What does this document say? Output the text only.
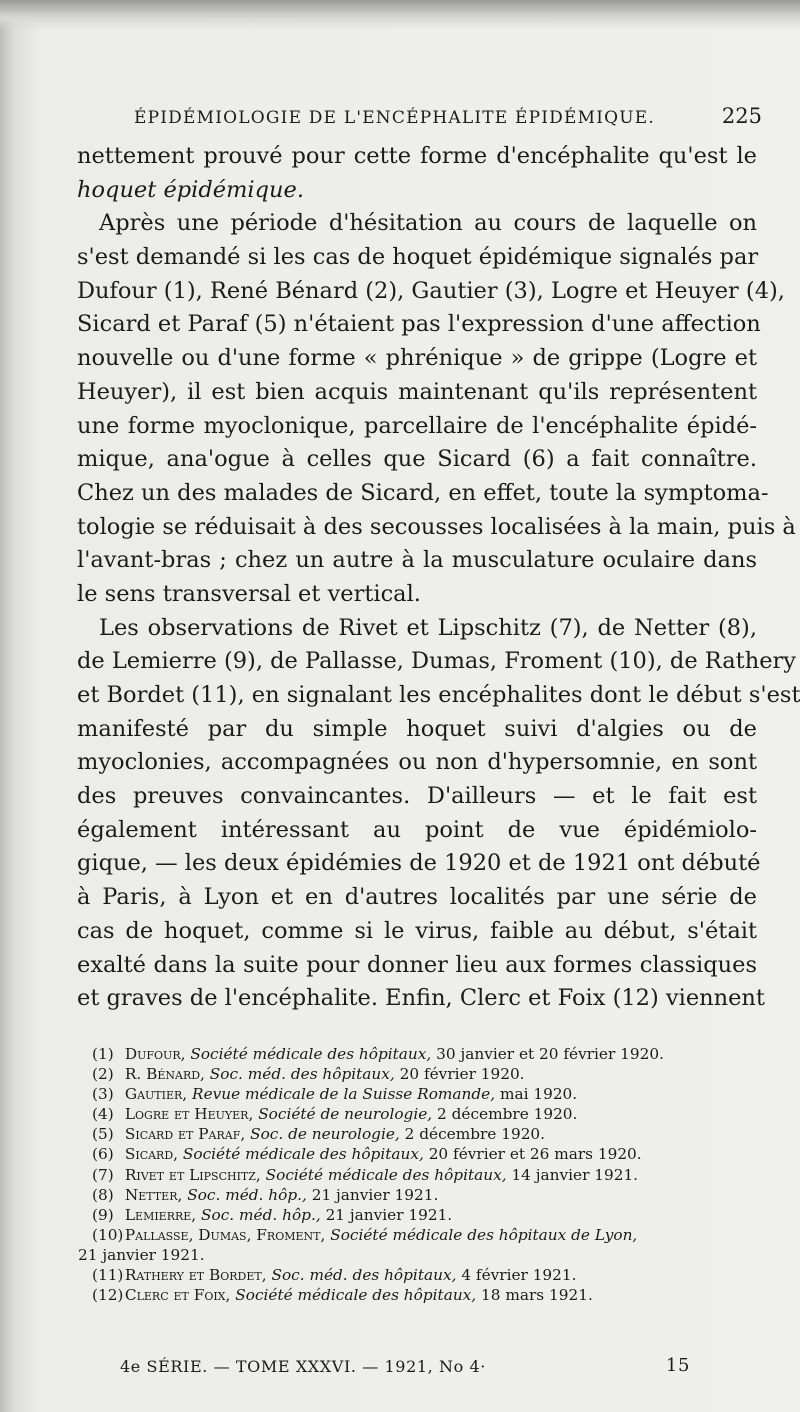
ÉPIDÉMIOLOGIE DE L'ENCÉPHALITE ÉPIDÉMIQUE.	225
nettement prouvé pour cette forme d'encéphalite qu'est le
hoquet épidémique.
Après une période d'hésitation au cours de laquelle on
s'est demandé si les cas de hoquet épidémique signalés par
Dufour (1), René Bénard (2), Gautier (3), Logre et Heuyer (4),
Sicard et Paraf (5) n'étaient pas l'expression d'une affection
nouvelle ou d'une forme « phrénique » de grippe (Logre et
Heuyer), il est bien acquis maintenant qu'ils représentent
une forme myoclonique, parcellaire de l'encéphalite épidé-
mique, ana'ogue à celles que Sicard (6) a fait connaître.
Chez un des malades de Sicard, en effet, toute la symptoma-
tologie se réduisait à des secousses localisées à la main, puis à
l'avant-bras ; chez un autre à la musculature oculaire dans
le sens transversal et vertical.
Les observations de Rivet et Lipschitz (7), de Netter (8),
de Lemierre (9), de Pallasse, Dumas, Froment (10), de Rathery
et Bordet (11), en signalant les encéphalites dont le début s'est
manifesté par du simple hoquet suivi d'algies ou de
myoclonies, accompagnées ou non d'hypersomnie, en sont
des preuves convaincantes. D'ailleurs — et le fait est
également intéressant au point de vue épidémiolo-
gique, — les deux épidémies de 1920 et de 1921 ont débuté
à Paris, à Lyon et en d'autres localités par une série de
cas de hoquet, comme si le virus, faible au début, s'était
exalté dans la suite pour donner lieu aux formes classiques
et graves de l'encéphalite. Enfin, Clerc et Foix (12) viennent
(1) Dufour, Société médicale des hôpitaux, 30 janvier et 20 février 1920.
(2) R. Bénard, Soc. méd. des hôpitaux, 20 février 1920.
(3) Gautier, Revue médicale de la Suisse Romande, mai 1920.
(4) Logre et Heuyer, Société de neurologie, 2 décembre 1920.
(5) Sicard et Paraf, Soc. de neurologie, 2 décembre 1920.
(6) Sicard, Société médicale des hôpitaux, 20 février et 26 mars 1920.
(7) Rivet et Lipschitz, Société médicale des hôpitaux, 14 janvier 1921.
(8) Netter, Soc. méd. hôp., 21 janvier 1921.
(9) Lemierre, Soc. méd. hôp., 21 janvier 1921.
(10) Pallasse, Dumas, Froment, Société médicale des hôpitaux de Lyon,
21 janvier 1921.
(11) Rathery et Bordet, Soc. méd. des hôpitaux, 4 février 1921.
(12) Clerc et Foix, Société médicale des hôpitaux, 18 mars 1921.
4e SÉRIE. — TOME XXXVI. — 1921, No 4·	15
